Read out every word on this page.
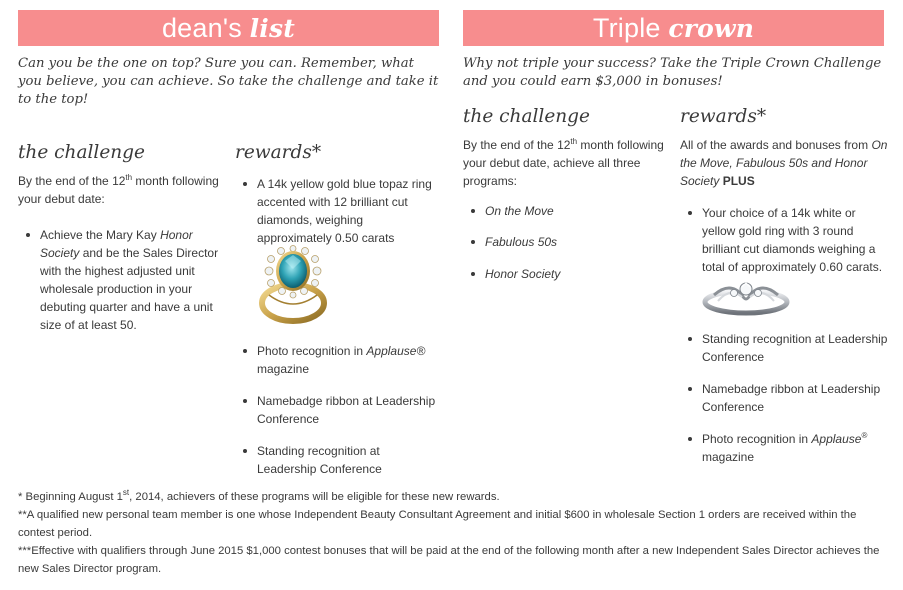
dean's list

Can you be the one on top? Sure you can. Remember, what you believe, you can achieve. So take the challenge and take it to the top!

the challenge

By the end of the 12th month following your debut date:

Achieve the Mary Kay Honor Society and be the Sales Director with the highest adjusted unit wholesale production in your debuting quarter and have a unit size of at least 50.
rewards*
A 14k yellow gold blue topaz ring accented with 12 brilliant cut diamonds, weighing approximately 0.50 carats
Photo recognition in Applause® magazine
Namebadge ribbon at Leadership Conference
Standing recognition at Leadership Conference
Triple crown

Why not triple your success? Take the Triple Crown Challenge and you could earn $3,000 in bonuses!

the challenge

By the end of the 12th month following your debut date, achieve all three programs:

On the Move
Fabulous 50s
Honor Society
rewards*

All of the awards and bonuses from On the Move, Fabulous 50s and Honor Society PLUS

Your choice of a 14k white or yellow gold ring with 3 round brilliant cut diamonds weighing a total of approximately 0.60 carats.
Standing recognition at Leadership Conference
Namebadge ribbon at Leadership Conference
Photo recognition in Applause® magazine

* Beginning August 1st, 2014, achievers of these programs will be eligible for these new rewards.

**A qualified new personal team member is one whose Independent Beauty Consultant Agreement and initial $600 in wholesale Section 1 orders are received within the contest period.

***Effective with qualifiers through June 2015 $1,000 contest bonuses that will be paid at the end of the following month after a new Independent Sales Director achieves the new Sales Director program.
